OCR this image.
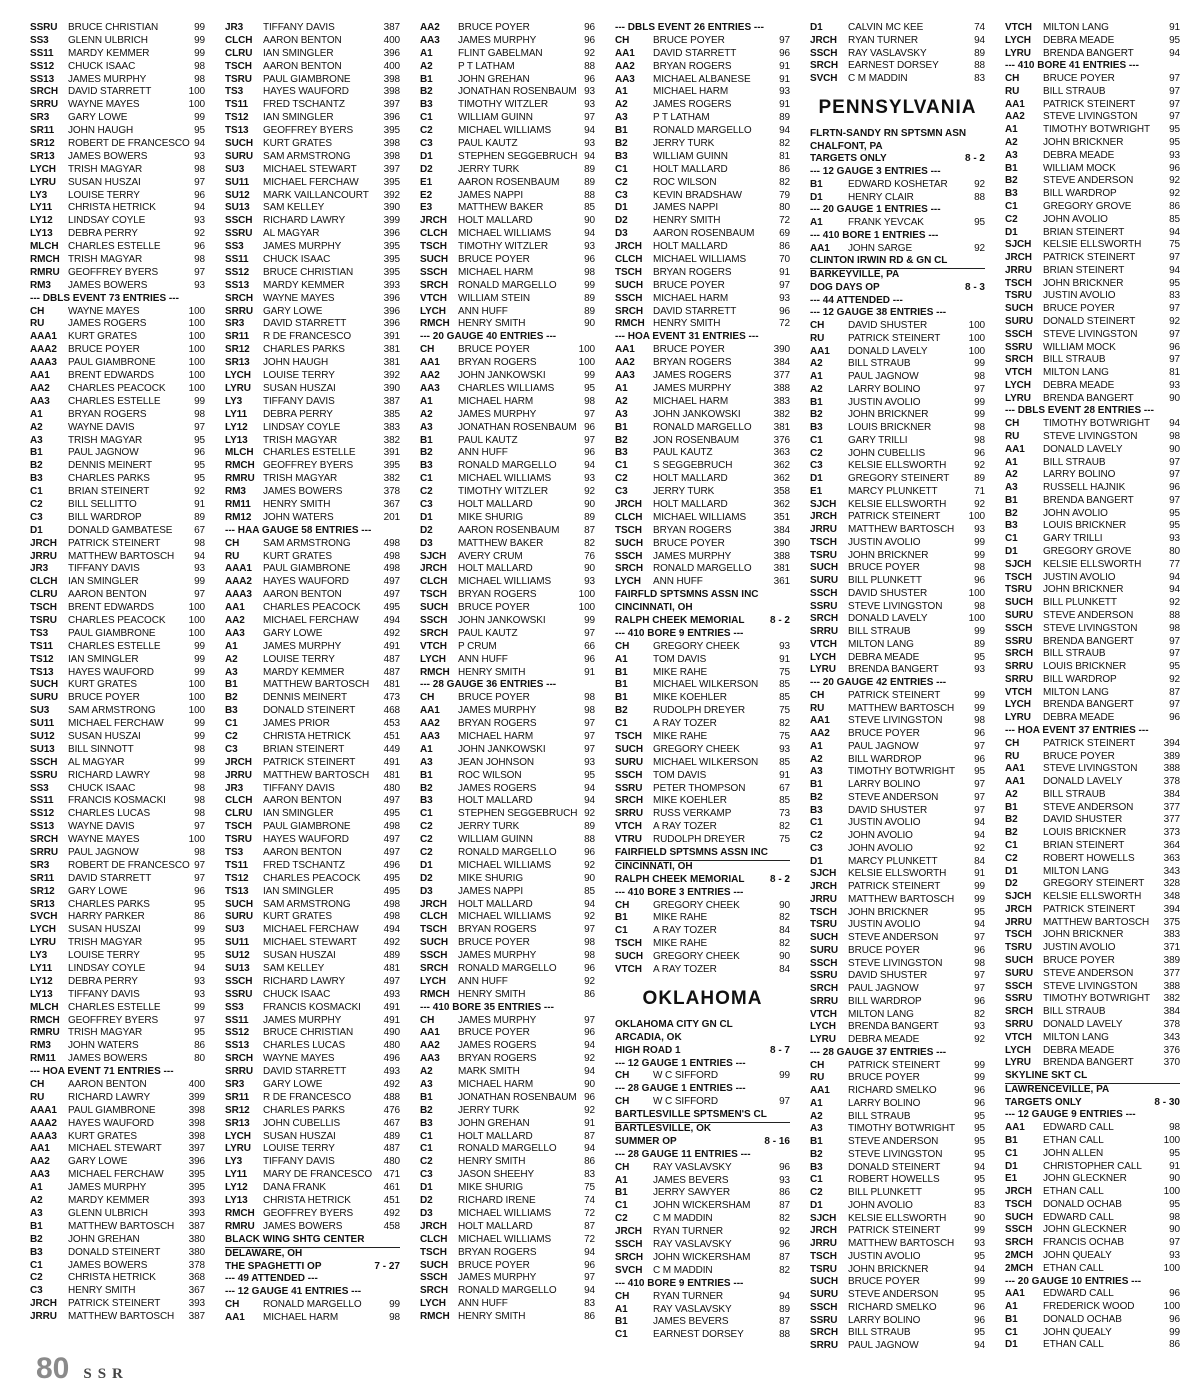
SSRU	BRUCE CHRISTIAN	99
SS3	GLENN ULBRICH	99
SS11	MARDY KEMMER	99
SS12	CHUCK ISAAC	98
SS13	JAMES MURPHY	98
SRCH	DAVID STARRETT	100
SRRU	WAYNE MAYES	100
SR3	GARY LOWE	99
SR11	JOHN HAUGH	95
SR12	ROBERT DE FRANCESCO 94
SR13	JAMES BOWERS	93
LYCH	TRISH MAGYAR	98
LYRU	SUSAN HUSZAI	97
LY3	LOUISE TERRY	96
LY11	CHRISTA HETRICK	94
LY12	LINDSAY COYLE	93
LY13	DEBRA PERRY	92
MLCH CHARLES ESTELLE	96
RMCH TRISH MAGYAR	98
RMRU GEOFFREY BYERS	97
RM3	JAMES BOWERS	93
--- DBLS EVENT 73 ENTRIES ---
CH	WAYNE MAYES	100
RU	JAMES ROGERS	100
AAA1	KURT GRATES	100
AAA2	BRUCE POYER	100
AAA3	PAUL GIAMBRONE	100
AA1	BRENT EDWARDS	100
AA2	CHARLES PEACOCK	100
AA3	CHARLES ESTELLE	99
A1	BRYAN ROGERS	98
A2	WAYNE DAVIS	97
A3	TRISH MAGYAR	95
B1	PAUL JAGNOW	96
B2	DENNIS MEINERT	95
B3	CHARLES PARKS	95
C1	BRIAN STEINERT	92
C2	BILL SELLITTO	91
C3	BILL WARDROP	89
D1	DONALD GAMBATESE	67
JRCH	PATRICK STEINERT	98
JRRU	MATTHEW BARTOSCH	94
JR3	TIFFANY DAVIS	93
CLCH	IAN SMINGLER	99
CLRU	AARON BENTON	97
TSCH	BRENT EDWARDS	100
TSRU	CHARLES PEACOCK	100
TS3	PAUL GIAMBRONE	100
TS11	CHARLES ESTELLE	99
TS12	IAN SMINGLER	99
TS13	HAYES WAUFORD	99
SUCH	KURT GRATES	100
SURU	BRUCE POYER	100
SU3	SAM ARMSTRONG	100
SU11	MICHAEL FERCHAW	99
SU12	SUSAN HUSZAI	99
SU13	BILL SINNOTT	98
SSCH	AL MAGYAR	99
SSRU	RICHARD LAWRY	98
SS3	CHUCK ISAAC	98
SS11	FRANCIS KOSMACKI	98
SS12	CHARLES LUCAS	98
SS13	WAYNE DAVIS	97
SRCH	WAYNE MAYES	100
SRRU	PAUL JAGNOW	98
SR3	ROBERT DE FRANCESCO 97
SR11	DAVID STARRETT	97
SR12	GARY LOWE	96
SR13	CHARLES PARKS	95
SVCH	HARRY PARKER	86
LYCH	SUSAN HUSZAI	99
LYRU	TRISH MAGYAR	95
LY3	LOUISE TERRY	95
LY11	LINDSAY COYLE	94
LY12	DEBRA PERRY	93
LY13	TIFFANY DAVIS	93
MLCH CHARLES ESTELLE	99
RMCH GEOFFREY BYERS	97
RMRU TRISH MAGYAR	95
RM3	JOHN WATERS	86
RM11	JAMES BOWERS	80
--- HOA EVENT 71 ENTRIES ---
CH	AARON BENTON	400
RU	RICHARD LAWRY	399
AAA1	PAUL GIAMBRONE	398
AAA2	HAYES WAUFORD	398
AAA3	KURT GRATES	398
AA1	MICHAEL STEWART	397
AA2	GARY LOWE	396
AA3	MICHAEL FERCHAW	395
A1	JAMES MURPHY	395
A2	MARDY KEMMER	393
A3	GLENN ULBRICH	393
B1	MATTHEW BARTOSCH	387
B2	JOHN GREHAN	380
B3	DONALD STEINERT	380
C1	JAMES BOWERS	378
C2	CHRISTA HETRICK	368
C3	HENRY SMITH	367
JRCH	PATRICK STEINERT	393
JRRU	MATTHEW BARTOSCH	387
JR3	TIFFANY DAVIS	387
CLCH	AARON BENTON	400
CLRU	IAN SMINGLER	396
TSCH	AARON BENTON	400
TSRU	PAUL GIAMBRONE	398
TS3	HAYES WAUFORD	398
TS11	FRED TSCHANTZ	397
TS12	IAN SMINGLER	396
TS13	GEOFFREY BYERS	395
SUCH	KURT GRATES	398
SURU	SAM ARMSTRONG	398
SU3	MICHAEL STEWART	397
SU11	MICHAEL FERCHAW	395
SU12	MARK VAILLANCOURT	392
SU13	SAM KELLEY	390
SSCH	RICHARD LAWRY	399
SSRU	AL MAGYAR	396
SS3	JAMES MURPHY	395
SS11	CHUCK ISAAC	395
SS12	BRUCE CHRISTIAN	395
SS13	MARDY KEMMER	393
SRCH	WAYNE MAYES	396
SRRU	GARY LOWE	396
SR3	DAVID STARRETT	396
SR11	R DE FRANCESCO	391
SR12	CHARLES PARKS	381
SR13	JOHN HAUGH	381
LYCH	LOUISE TERRY	392
LYRU	SUSAN HUSZAI	390
LY3	TIFFANY DAVIS	387
LY11	DEBRA PERRY	385
LY12	LINDSAY COYLE	383
LY13	TRISH MAGYAR	382
MLCH CHARLES ESTELLE	391
RMCH GEOFFREY BYERS	395
RMRU TRISH MAGYAR	382
RM3	JAMES BOWERS	378
RM11	HENRY SMITH	367
RM12	JOHN WATERS	201
--- HAA GAUGE 58 ENTRIES ---
CH	SAM ARMSTRONG	498
RU	KURT GRATES	498
AAA1	PAUL GIAMBRONE	498
AAA2	HAYES WAUFORD	497
AAA3	AARON BENTON	497
AA1	CHARLES PEACOCK	495
AA2	MICHAEL FERCHAW	494
AA3	GARY LOWE	492
A1	JAMES MURPHY	491
A2	LOUISE TERRY	487
A3	MARDY KEMMER	487
B1	MATTHEW BARTOSCH	481
B2	DENNIS MEINERT	473
B3	DONALD STEINERT	468
C1	JAMES PRIOR	453
C2	CHRISTA HETRICK	451
C3	BRIAN STEINERT	449
JRCH	PATRICK STEINERT	491
JRRU	MATTHEW BARTOSCH	481
JR3	TIFFANY DAVIS	480
CLCH	AARON BENTON	497
CLRU	IAN SMINGLER	495
TSCH	PAUL GIAMBRONE	498
TSRU	HAYES WAUFORD	497
TS3	AARON BENTON	497
TS11	FRED TSCHANTZ	496
TS12	CHARLES PEACOCK	495
TS13	IAN SMINGLER	495
SUCH	SAM ARMSTRONG	498
SURU	KURT GRATES	498
SU3	MICHAEL FERCHAW	494
SU11	MICHAEL STEWART	492
SU12	SUSAN HUSZAI	489
SU13	SAM KELLEY	481
SSCH	RICHARD LAWRY	497
SSRU	CHUCK ISAAC	493
SS3	FRANCIS KOSMACKI	491
SS11	JAMES MURPHY	491
SS12	BRUCE CHRISTIAN	490
SS13	CHARLES LUCAS	480
SRCH	WAYNE MAYES	496
SRRU	DAVID STARRETT	493
SR3	GARY LOWE	492
SR11	R DE FRANCESCO	488
SR12	CHARLES PARKS	476
SR13	JOHN CUBELLIS	467
LYCH	SUSAN HUSZAI	489
LYRU	LOUISE TERRY	487
LY3	TIFFANY DAVIS	480
LY11	MARY DE FRANCESCO	471
LY12	DANA FRANK	461
LY13	CHRISTA HETRICK	451
RMCH GEOFFREY BYERS	492
RMRU JAMES BOWERS	458
BLACK WING SHTG CENTER
DELAWARE, OH
THE SPAGHETTI OP	7 - 27
--- 49 ATTENDED ---
--- 12 GAUGE 41 ENTRIES ---
CH	RONALD MARGELLO	99
AA1	MICHAEL HARM	98
AA2	BRUCE POYER	96
AA3	JAMES MURPHY	96
A1	FLINT GABELMAN	92
A2	P T LATHAM	88
B1	JOHN GREHAN	96
B2	JONATHAN ROSENBAUM 93
B3	TIMOTHY WITZLER	93
C1	WILLIAM GUINN	97
C2	MICHAEL WILLIAMS	94
C3	PAUL KAUTZ	93
D1	STEPHEN SEGGEBRUCH 94
D2	JERRY TURK	89
E1	AARON ROSENBAUM	89
E2	JAMES NAPPI	88
E3	MATTHEW BAKER	85
JRCH	HOLT MALLARD	90
CLCH	MICHAEL WILLIAMS	94
TSCH	TIMOTHY WITZLER	93
SUCH	BRUCE POYER	96
SSCH	MICHAEL HARM	98
SRCH	RONALD MARGELLO	99
VTCH	WILLIAM STEIN	89
LYCH	ANN HUFF	89
RMCH HENRY SMITH	90
--- 20 GAUGE 40 ENTRIES ---
CH	BRUCE POYER	100
AA1	BRYAN ROGERS	100
AA2	JOHN JANKOWSKI	99
AA3	CHARLES WILLIAMS	95
A1	MICHAEL HARM	98
A2	JAMES MURPHY	97
A3	JONATHAN ROSENBAUM 96
B1	PAUL KAUTZ	97
B2	ANN HUFF	96
B3	RONALD MARGELLO	94
C1	MICHAEL WILLIAMS	93
C2	TIMOTHY WITZLER	92
C3	HOLT MALLARD	90
D1	MIKE SHURIG	89
D2	AARON ROSENBAUM	87
D3	MATTHEW BAKER	82
SJCH	AVERY CRUM	76
JRCH	HOLT MALLARD	90
CLCH	MICHAEL WILLIAMS	93
TSCH	BRYAN ROGERS	100
SUCH	BRUCE POYER	100
SSCH	JOHN JANKOWSKI	99
SRCH	PAUL KAUTZ	97
VTCH	P CRUM	66
LYCH	ANN HUFF	96
RMCH HENRY SMITH	91
--- 28 GAUGE 36 ENTRIES ---
CH	BRUCE POYER	98
AA1	JAMES MURPHY	98
AA2	BRYAN ROGERS	97
AA3	MICHAEL HARM	97
A1	JOHN JANKOWSKI	97
A3	JEAN JOHNSON	93
B1	ROC WILSON	95
B2	JAMES ROGERS	94
B3	HOLT MALLARD	94
C1	STEPHEN SEGGEBRUCH 92
C2	JERRY TURK	89
C2	WILLIAM GUINN	88
C2	RONALD MARGELLO	96
D1	MICHAEL WILLIAMS	92
D2	MIKE SHURIG	90
D3	JAMES NAPPI	85
JRCH	HOLT MALLARD	94
CLCH	MICHAEL WILLIAMS	92
TSCH	BRYAN ROGERS	97
SUCH	BRUCE POYER	98
SSCH	JAMES MURPHY	98
SRCH	RONALD MARGELLO	96
LYCH	ANN HUFF	92
RMCH HENRY SMITH	86
--- 410 BORE 35 ENTRIES ---
CH	JAMES MURPHY	97
AA1	BRUCE POYER	96
AA2	JAMES ROGERS	94
AA3	BRYAN ROGERS	92
A2	MARK SMITH	94
A3	MICHAEL HARM	90
B1	JONATHAN ROSENBAUM 96
B2	JERRY TURK	92
B3	JOHN GREHAN	91
C1	HOLT MALLARD	87
C1	RONALD MARGELLO	94
C2	HENRY SMITH	86
C3	JASON SHEEHY	83
D1	MIKE SHURIG	75
D2	RICHARD IRENE	74
D3	MICHAEL WILLIAMS	72
JRCH	HOLT MALLARD	87
CLCH	MICHAEL WILLIAMS	72
TSCH	BRYAN ROGERS	94
SUCH	BRUCE POYER	96
SSCH	JAMES MURPHY	97
SRCH	RONALD MARGELLO	94
LYCH	ANN HUFF	83
RMCH HENRY SMITH	86
--- DBLS EVENT 26 ENTRIES ---
CH	BRUCE POYER	97
AA1	DAVID STARRETT	96
AA2	BRYAN ROGERS	91
AA3	MICHAEL ALBANESE	91
A1	MICHAEL HARM	93
A2	JAMES ROGERS	91
A3	P T LATHAM	89
B1	RONALD MARGELLO	94
B2	JERRY TURK	82
B3	WILLIAM GUINN	81
C1	HOLT MALLARD	86
C2	ROC WILSON	82
C3	KEVIN BRADSHAW	79
D1	JAMES NAPPI	80
D2	HENRY SMITH	72
D3	AARON ROSENBAUM	69
JRCH	HOLT MALLARD	86
CLCH	MICHAEL WILLIAMS	70
TSCH	BRYAN ROGERS	91
SUCH	BRUCE POYER	97
SSCH	MICHAEL HARM	93
SRCH	DAVID STARRETT	96
RMCH HENRY SMITH	72
--- HOA EVENT 31 ENTRIES ---
AA1	BRUCE POYER	390
AA2	BRYAN ROGERS	384
AA3	JAMES ROGERS	377
A1	JAMES MURPHY	388
A2	MICHAEL HARM	383
A3	JOHN JANKOWSKI	382
B1	RONALD MARGELLO	381
B2	JON ROSENBAUM	376
B3	PAUL KAUTZ	363
C1	S SEGGEBRUCH	362
C2	HOLT MALLARD	362
C3	JERRY TURK	358
JRCH	HOLT MALLARD	362
CLCH	MICHAEL WILLIAMS	351
TSCH	BRYAN ROGERS	384
SUCH	BRUCE POYER	390
SSCH	JAMES MURPHY	388
SRCH	RONALD MARGELLO	381
LYCH	ANN HUFF	361
FAIRFLD SPTSMNS ASSN INC
CINCINNATI, OH
RALPH CHEEK MEMORIAL	8 - 2
--- 410 BORE 9 ENTRIES ---
CH	GREGORY CHEEK	93
A1	TOM DAVIS	91
B1	MIKE RAHE	75
B1	MICHAEL WILKERSON	85
B1	MIKE KOEHLER	85
B2	RUDOLPH DREYER	75
C1	A RAY TOZER	82
TSCH	MIKE RAHE	75
SUCH	GREGORY CHEEK	93
SURU	MICHAEL WILKERSON	85
SSCH	TOM DAVIS	91
SSRU	PETER THOMPSON	67
SRCH	MIKE KOEHLER	85
SRRU	RUSS VERKAMP	73
VTCH	A RAY TOZER	82
VTRU	RUDOLPH DREYER	75
FAIRFIELD SPTSMNS ASSN INC
CINCINNATI, OH
RALPH CHEEK MEMORIAL	8 - 2
--- 410 BORE 3 ENTRIES ---
CH	GREGORY CHEEK	90
B1	MIKE RAHE	82
C1	A RAY TOZER	84
TSCH	MIKE RAHE	82
SUCH	GREGORY CHEEK	90
VTCH	A RAY TOZER	84
OKLAHOMA
OKLAHOMA CITY GN CL
ARCADIA, OK
HIGH ROAD 1	8 - 7
--- 12 GAUGE 1 ENTRIES ---
CH	W C SIFFORD	99
--- 28 GAUGE 1 ENTRIES ---
CH	W C SIFFORD	97
BARTLESVILLE SPTSMEN'S CL
BARTLESVILLE, OK
SUMMER OP	8 - 16
--- 28 GAUGE 11 ENTRIES ---
CH	RAY VASLAVSKY	96
A1	JAMES BEVERS	93
B1	JERRY SAWYER	86
C1	JOHN WICKERSHAM	87
C2	C M MADDIN	82
JRCH	RYAN TURNER	92
SSCH	RAY VASLAVSKY	96
SRCH	JOHN WICKERSHAM	87
SVCH	C M MADDIN	82
--- 410 BORE 9 ENTRIES ---
CH	RYAN TURNER	94
A1	RAY VASLAVSKY	89
B1	JAMES BEVERS	87
C1	EARNEST DORSEY	88
D1	CALVIN MC KEE	74
JRCH	RYAN TURNER	94
SSCH	RAY VASLAVSKY	89
SRCH	EARNEST DORSEY	88
SVCH	C M MADDIN	83
PENNSYLVANIA
FLRTN-SANDY RN SPTSMN ASN
CHALFONT, PA
TARGETS ONLY	8 - 2
--- 12 GAUGE 3 ENTRIES ---
B1	EDWARD KOSHETAR	92
D1	HENRY CLAIR	88
--- 20 GAUGE 1 ENTRIES ---
A1	FRANK YEVCAK	95
--- 410 BORE 1 ENTRIES ---
AA1	JOHN SARGE	92
CLINTON IRWIN RD & GN CL
BARKEYVILLE, PA
DOG DAYS OP	8 - 3
--- 44 ATTENDED ---
--- 12 GAUGE 38 ENTRIES ---
CH	DAVID SHUSTER	100
RU	PATRICK STEINERT	100
AA1	DONALD LAVELY	100
A2	BILL STRAUB	99
A1	PAUL JAGNOW	98
A2	LARRY BOLINO	97
B1	JUSTIN AVOLIO	99
B2	JOHN BRICKNER	99
B3	LOUIS BRICKNER	98
C1	GARY TRILLI	98
C2	JOHN CUBELLIS	96
C3	KELSIE ELLSWORTH	92
D1	GREGORY STEINERT	89
E1	MARCY PLUNKETT	71
SJCH	KELSIE ELLSWORTH	92
JRCH	PATRICK STEINERT	100
JRRU	MATTHEW BARTOSCH	93
TSCH	JUSTIN AVOLIO	99
TSRU	JOHN BRICKNER	99
SUCH	BRUCE POYER	98
SURU	BILL PLUNKETT	96
SSCH	DAVID SHUSTER	100
SSRU	STEVE LIVINGSTON	98
SRCH	DONALD LAVELY	100
SRRU	BILL STRAUB	99
VTCH	MILTON LANG	89
LYCH	DEBRA MEADE	95
LYRU	BRENDA BANGERT	93
--- 20 GAUGE 42 ENTRIES ---
CH	PATRICK STEINERT	99
RU	MATTHEW BARTOSCH	99
AA1	STEVE LIVINGSTON	98
AA2	BRUCE POYER	96
A1	PAUL JAGNOW	97
A2	BILL WARDROP	96
A3	TIMOTHY BOTWRIGHT	95
B1	LARRY BOLINO	97
B2	STEVE ANDERSON	97
B3	DAVID SHUSTER	97
C1	JUSTIN AVOLIO	94
C2	JOHN AVOLIO	94
C3	JOHN AVOLIO	92
D1	MARCY PLUNKETT	84
SJCH	KELSIE ELLSWORTH	91
JRCH	PATRICK STEINERT	99
JRRU	MATTHEW BARTOSCH	99
TSCH	JOHN BRICKNER	95
TSRU	JUSTIN AVOLIO	94
SUCH	STEVE ANDERSON	97
SURU	BRUCE POYER	96
SSCH	STEVE LIVINGSTON	98
SSRU	DAVID SHUSTER	97
SRCH	PAUL JAGNOW	97
SRRU	BILL WARDROP	96
VTCH	MILTON LANG	82
LYCH	BRENDA BANGERT	93
LYRU	DEBRA MEADE	92
--- 28 GAUGE 37 ENTRIES ---
CH	PATRICK STEINERT	99
RU	BRUCE POYER	99
AA1	RICHARD SMELKO	96
A1	LARRY BOLINO	96
A2	BILL STRAUB	95
A3	TIMOTHY BOTWRIGHT	95
B1	STEVE ANDERSON	95
B2	STEVE LIVINGSTON	95
B3	DONALD STEINERT	94
C1	ROBERT HOWELLS	95
C2	BILL PLUNKETT	95
D1	JOHN AVOLIO	83
SJCH	KELSIE ELLSWORTH	90
JRCH	PATRICK STEINERT	99
JRRU	MATTHEW BARTOSCH	93
TSCH	JUSTIN AVOLIO	95
TSRU	JOHN BRICKNER	94
SUCH	BRUCE POYER	99
SURU	STEVE ANDERSON	95
SSCH	RICHARD SMELKO	96
SSRU	LARRY BOLINO	96
SRCH	BILL STRAUB	95
SRRU	PAUL JAGNOW	94
VTCH	MILTON LANG	91
LYCH	DEBRA MEADE	95
LYRU	BRENDA BANGERT	94
--- 410 BORE 41 ENTRIES ---
CH	BRUCE POYER	97
RU	BILL STRAUB	97
AA1	PATRICK STEINERT	97
AA2	STEVE LIVINGSTON	97
A1	TIMOTHY BOTWRIGHT	95
A2	JOHN BRICKNER	95
A3	DEBRA MEADE	93
B1	WILLIAM MOCK	96
B2	STEVE ANDERSON	92
B3	BILL WARDROP	92
C1	GREGORY GROVE	86
C2	JOHN AVOLIO	85
D1	BRIAN STEINERT	94
SJCH	KELSIE ELLSWORTH	75
JRCH	PATRICK STEINERT	97
JRRU	BRIAN STEINERT	94
TSCH	JOHN BRICKNER	95
TSRU	JUSTIN AVOLIO	83
SUCH	BRUCE POYER	97
SURU	DONALD STEINERT	92
SSCH	STEVE LIVINGSTON	97
SSRU	WILLIAM MOCK	96
SRCH	BILL STRAUB	97
VTCH	MILTON LANG	81
LYCH	DEBRA MEADE	93
LYRU	BRENDA BANGERT	90
--- DBLS EVENT 28 ENTRIES ---
CH	TIMOTHY BOTWRIGHT	94
RU	STEVE LIVINGSTON	98
AA1	DONALD LAVELY	90
A1	BILL STRAUB	97
A2	LARRY BOLINO	97
A3	RUSSELL HAJNIK	96
B1	BRENDA BANGERT	97
B2	JOHN AVOLIO	95
B3	LOUIS BRICKNER	95
C1	GARY TRILLI	93
D1	GREGORY GROVE	80
SJCH	KELSIE ELLSWORTH	77
TSCH	JUSTIN AVOLIO	94
TSRU	JOHN BRICKNER	94
SUCH	BILL PLUNKETT	92
SURU	STEVE ANDERSON	88
SSCH	STEVE LIVINGSTON	98
SSRU	BRENDA BANGERT	97
SRCH	BILL STRAUB	97
SRRU	LOUIS BRICKNER	95
SRRU	BILL WARDROP	92
VTCH	MILTON LANG	87
LYCH	BRENDA BANGERT	97
LYRU	DEBRA MEADE	96
--- HOA EVENT 37 ENTRIES ---
CH	PATRICK STEINERT	394
RU	BRUCE POYER	389
AA1	STEVE LIVINGSTON	388
AA1	DONALD LAVELY	378
A2	BILL STRAUB	384
B1	STEVE ANDERSON	377
B2	DAVID SHUSTER	377
B2	LOUIS BRICKNER	373
C1	BRIAN STEINERT	364
C2	ROBERT HOWELLS	363
D1	MILTON LANG	343
D2	GREGORY STEINERT	328
SJCH	KELSIE ELLSWORTH	348
JRCH	PATRICK STEINERT	394
JRRU	MATTHEW BARTOSCH	375
TSCH	JOHN BRICKNER	383
TSRU	JUSTIN AVOLIO	371
SUCH	BRUCE POYER	389
SURU	STEVE ANDERSON	377
SSCH	STEVE LIVINGSTON	388
SSRU	TIMOTHY BOTWRIGHT	382
SRCH	BILL STRAUB	384
SRRU	DONALD LAVELY	378
VTCH	MILTON LANG	343
LYCH	DEBRA MEADE	376
LYRU	BRENDA BANGERT	370
SKYLINE SKT CL
LAWRENCEVILLE, PA
TARGETS ONLY	8 - 30
--- 12 GAUGE 9 ENTRIES ---
AA1	EDWARD CALL	98
B1	ETHAN CALL	100
C1	JOHN ALLEN	95
D1	CHRISTOPHER CALL	91
E1	JOHN GLECKNER	90
JRCH	ETHAN CALL	100
TSCH	DONALD OCHAB	95
SUCH	EDWARD CALL	98
SSCH	JOHN GLECKNER	90
SRCH	FRANCIS OCHAB	97
2MCH	JOHN QUEALY	93
2MCH	ETHAN CALL	100
--- 20 GAUGE 10 ENTRIES ---
AA1	EDWARD CALL	96
A1	FREDERICK WOOD	100
B1	DONALD OCHAB	96
C1	JOHN QUEALY	99
D1	ETHAN CALL	86
80 SSR
